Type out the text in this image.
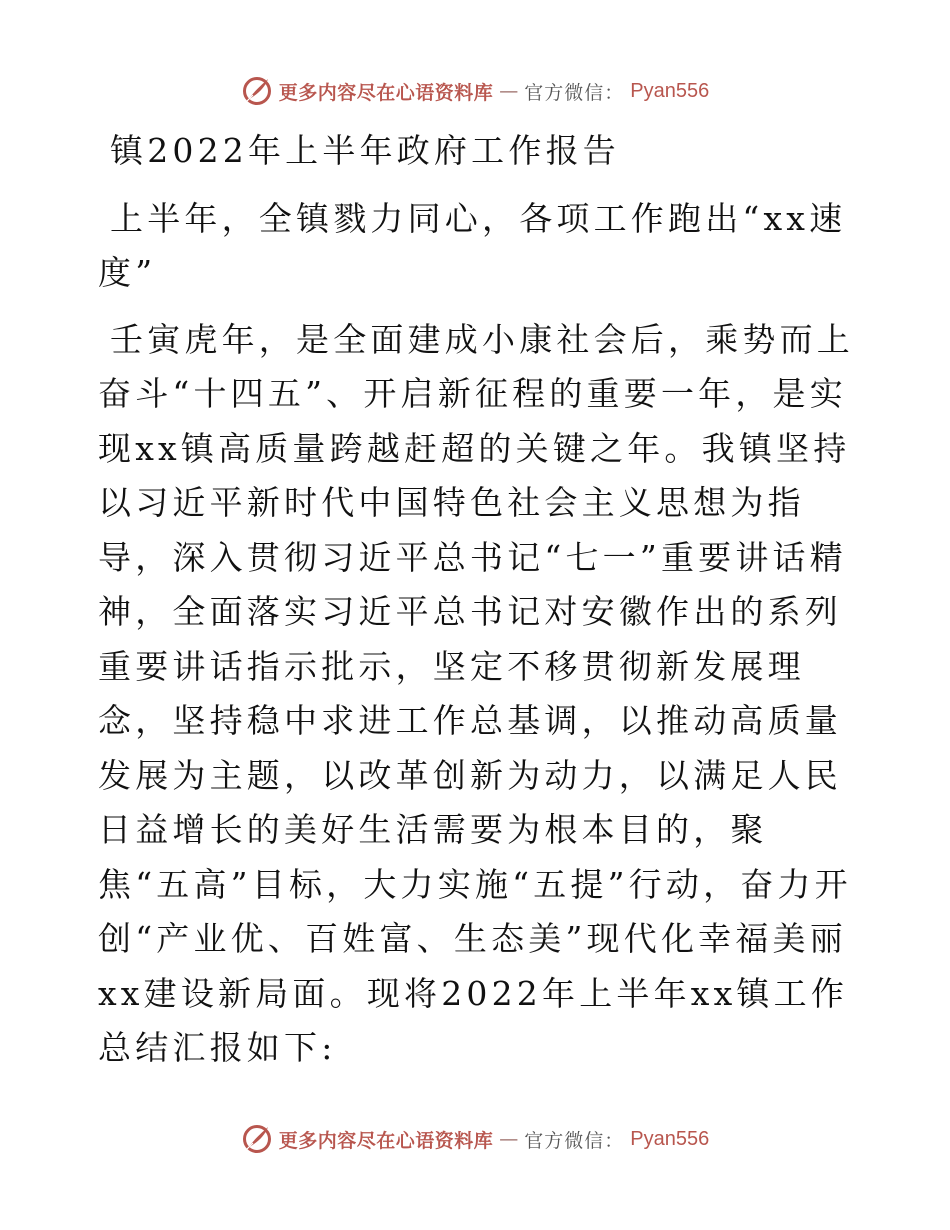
更多内容尽在心语资料库 — 官方微信： Pyan556

镇2022年上半年政府工作报告

上半年，全镇戮力同心，各项工作跑出“xx速度”

壬寅虎年，是全面建成小康社会后，乘势而上奋斗“十四五”、开启新征程的重要一年，是实现xx镇高质量跨越赶超的关键之年。我镇坚持以习近平新时代中国特色社会主义思想为指导，深入贯彻习近平总书记“七一”重要讲话精神，全面落实习近平总书记对安徽作出的系列重要讲话指示批示，坚定不移贯彻新发展理念，坚持稳中求进工作总基调，以推动高质量发展为主题，以改革创新为动力，以满足人民日益增长的美好生活需要为根本目的，聚焦“五高”目标，大力实施“五提”行动，奋力开创“产业优、百姓富、生态美”现代化幸福美丽xx建设新局面。现将2022年上半年xx镇工作总结汇报如下:

更多内容尽在心语资料库 — 官方微信： Pyan556
